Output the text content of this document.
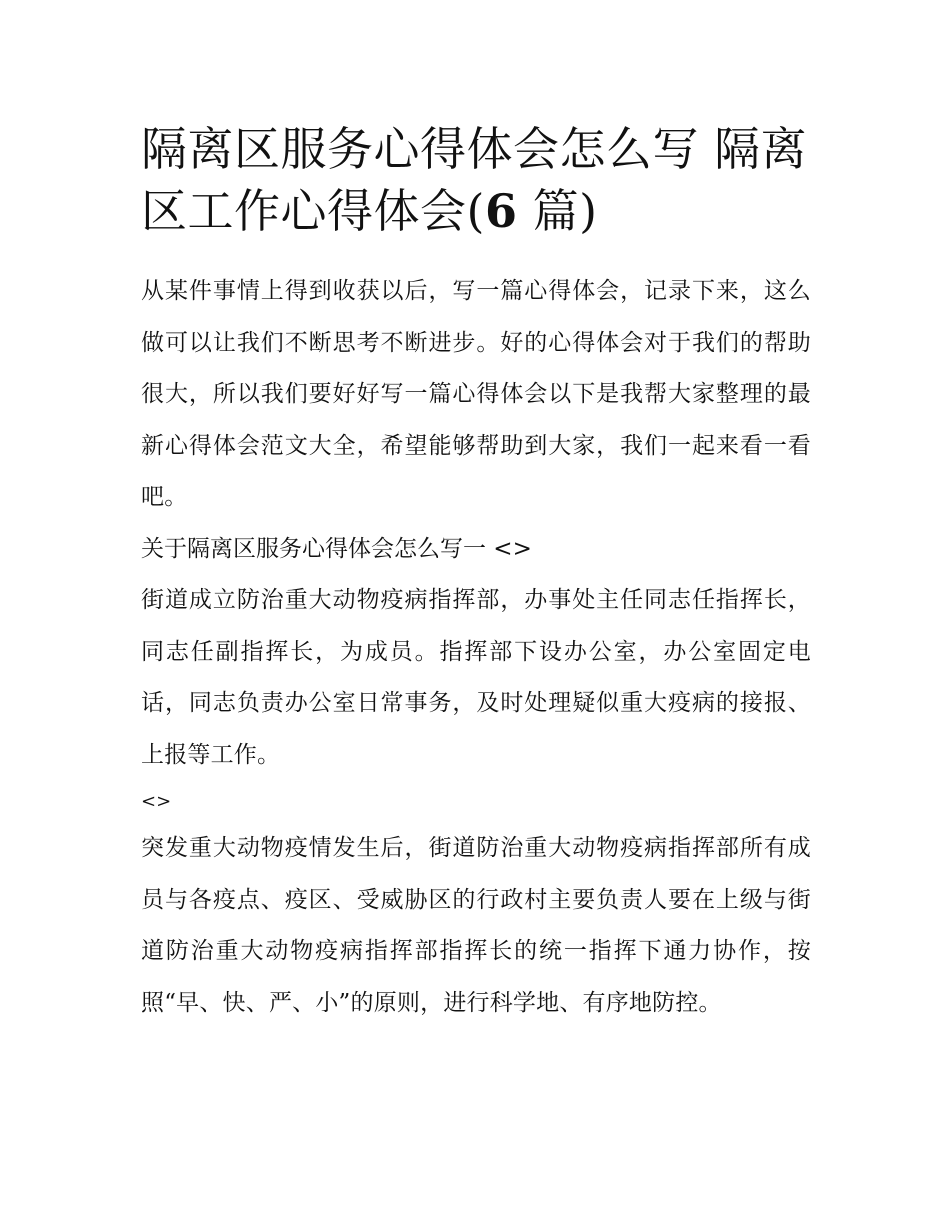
隔离区服务心得体会怎么写 隔离区工作心得体会(6 篇)

从某件事情上得到收获以后，写一篇心得体会，记录下来，这么做可以让我们不断思考不断进步。好的心得体会对于我们的帮助很大，所以我们要好好写一篇心得体会以下是我帮大家整理的最新心得体会范文大全，希望能够帮助到大家，我们一起来看一看吧。

关于隔离区服务心得体会怎么写一 <>

街道成立防治重大动物疫病指挥部，办事处主任同志任指挥长，同志任副指挥长，为成员。指挥部下设办公室，办公室固定电话，同志负责办公室日常事务，及时处理疑似重大疫病的接报、上报等工作。

<>

突发重大动物疫情发生后，街道防治重大动物疫病指挥部所有成员与各疫点、疫区、受威胁区的行政村主要负责人要在上级与街道防治重大动物疫病指挥部指挥长的统一指挥下通力协作，按照“早、快、严、小”的原则，进行科学地、有序地防控。
